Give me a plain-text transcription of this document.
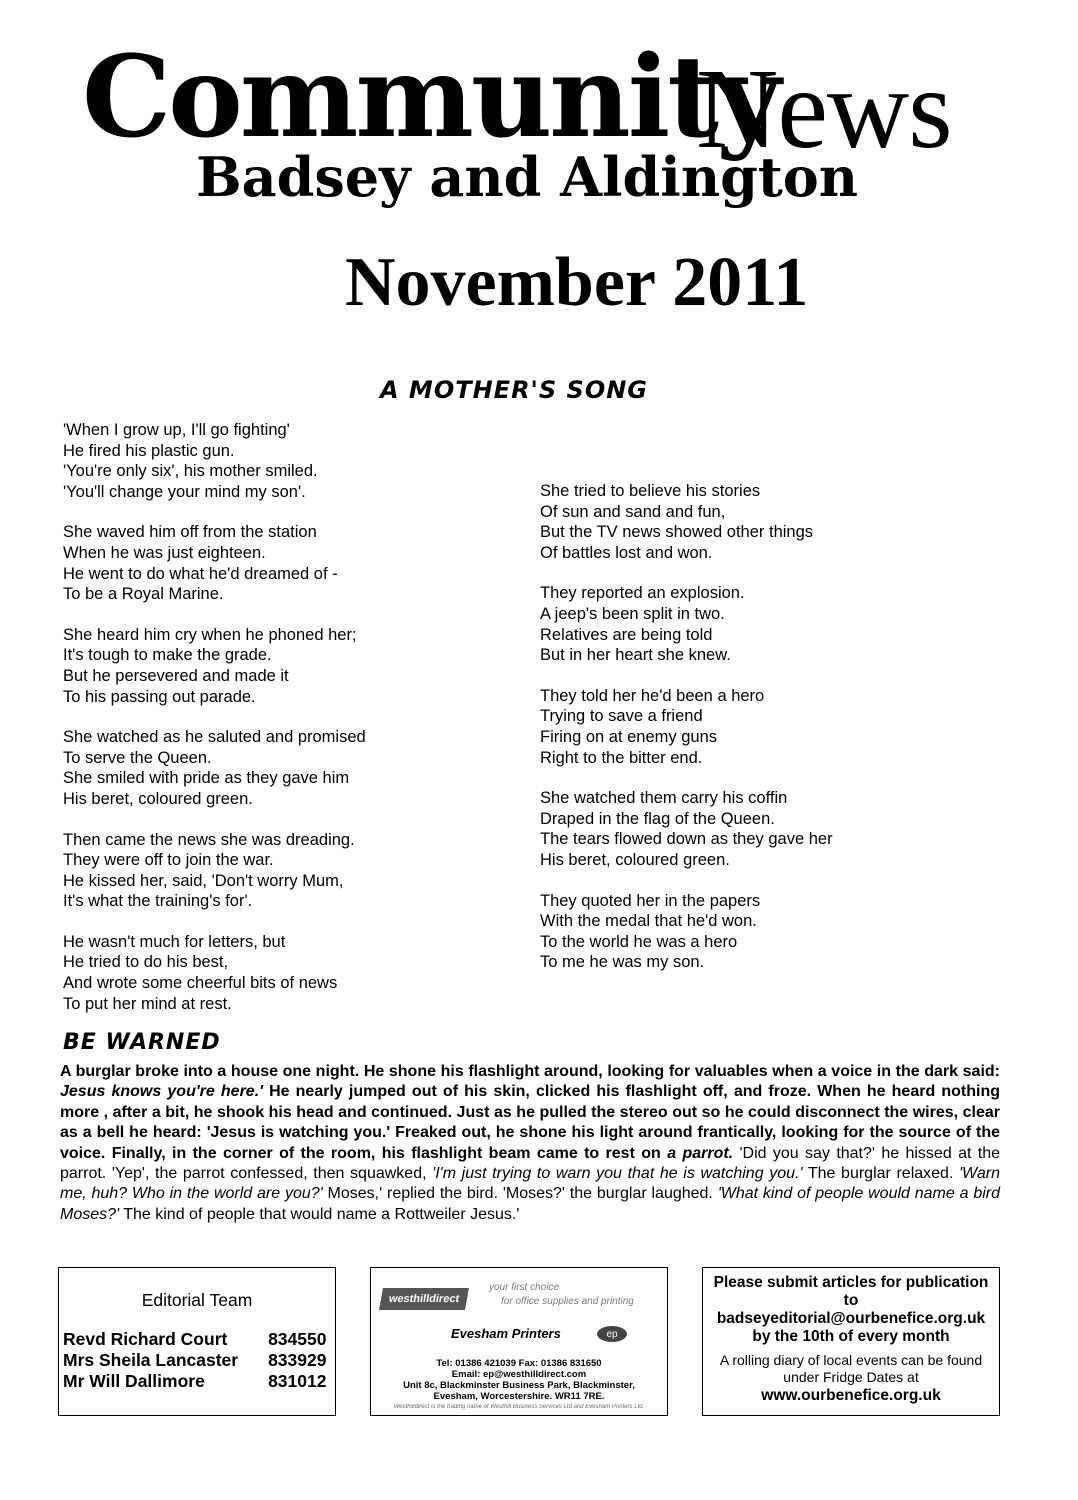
Community
News
Badsey and Aldington
November 2011
A MOTHER'S SONG
'When I grow up, I'll go fighting'
He fired his plastic gun.
'You're only six', his mother smiled.
'You'll change your mind my son'.
She waved him off from the station
When he was just eighteen.
He went to do what he'd dreamed of -
To be a Royal Marine.
She heard him cry when he phoned her;
It's tough to make the grade.
But he persevered and made it
To his passing out parade.
She watched as he saluted and promised
To serve the Queen.
She smiled with pride as they gave him
His beret, coloured green.
Then came the news she was dreading.
They were off to join the war.
He kissed her, said, 'Don't worry Mum,
It's what the training's for'.
He wasn't much for letters, but
He tried to do his best,
And wrote some cheerful bits of news
To put her mind at rest.
She tried to believe his stories
Of sun and sand and fun,
But the TV news showed other things
Of battles lost and won.
They reported an explosion.
A jeep's been split in two.
Relatives are being told
But in her heart she knew.
They told her he'd been a hero
Trying to save a friend
Firing on at enemy guns
Right to the bitter end.
She watched them carry his coffin
Draped in the flag of the Queen.
The tears flowed down as they gave her
His beret, coloured green.
They quoted her in the papers
With the medal that he'd won.
To the world he was a hero
To me he was my son.
BE WARNED
A burglar broke into a house one night. He shone his flashlight around, looking for valuables when a voice in the dark said: Jesus knows you're here.' He nearly jumped out of his skin, clicked his flashlight off, and froze. When he heard nothing more , after a bit, he shook his head and continued. Just as he pulled the stereo out so he could disconnect the wires, clear as a bell he heard: 'Jesus is watching you.' Freaked out, he shone his light around frantically, looking for the source of the voice. Finally, in the corner of the room, his flashlight beam came to rest on a parrot. 'Did you say that?' he hissed at the parrot. 'Yep', the parrot confessed, then squawked, 'I'm just trying to warn you that he is watching you.' The burglar relaxed. 'Warn me, huh? Who in the world are you?' Moses,' replied the bird. 'Moses?' the burglar laughed. 'What kind of people would name a bird Moses?' The kind of people that would name a Rottweiler Jesus.'
Editorial Team
Revd Richard Court	834550
Mrs Sheila Lancaster	833929
Mr Will Dallimore	831012
westhilldirect
your first choice
for office supplies and printing
Evesham Printers	ep
Tel: 01386 421039 Fax: 01386 831650
Email: ep@westhilldirect.com
Unit 8c, Blackminster Business Park, Blackminster,
Evesham, Worcestershire. WR11 7RE.
Westhilldirect is the trading name of Westhill Business Services Ltd and Evesham Printers Ltd.
Please submit articles for publication
to
badseyeditorial@ourbenefice.org.uk
by the 10th of every month
A rolling diary of local events can be found
under Fridge Dates at
www.ourbenefice.org.uk
